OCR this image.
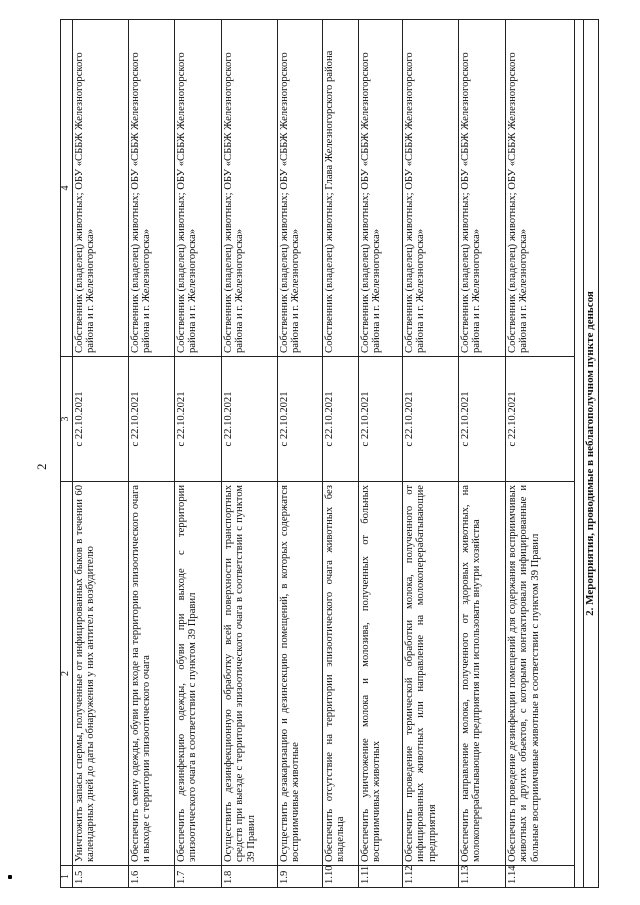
2
1	2	3	4
1.5	Уничтожить запасы спермы, полученные от инфицированных быков в течении 60 календарных дней до даты обнаружения у них антител к возбудителю	с 22.10.2021	Собственник (владелец) животных; ОБУ «СББЖ Железногорского района и г. Железногорска»
1.6	Обеспечить смену одежды, обуви при входе на территорию эпизоотического очага и выходе с территории эпизоотического очага	с 22.10.2021	Собственник (владелец) животных; ОБУ «СББЖ Железногорского района и г. Железногорска»
1.7	Обеспечить дезинфекцию одежды, обуви при выходе с территории эпизоотического очага в соответствии с пунктом 39 Правил	с 22.10.2021	Собственник (владелец) животных; ОБУ «СББЖ Железногорского района и г. Железногорска»
1.8	Осуществить дезинфекционную обработку всей поверхности транспортных средств при выезде с территории эпизоотического очага в соответствии с пунктом 39 Правил	с 22.10.2021	Собственник (владелец) животных; ОБУ «СББЖ Железногорского района и г. Железногорска»
1.9	Осуществить дезакаризацию и дезинсекцию помещений, в которых содержатся восприимчивые животные	с 22.10.2021	Собственник (владелец) животных; ОБУ «СББЖ Железногорского района и г. Железногорска»
1.10	Обеспечить отсутствие на территории эпизоотического очага животных без владельца	с 22.10.2021	Собственник (владелец) животных; Глава Железногорского района
1.11	Обеспечить уничтожение молока и молозива, полученных от больных восприимчивых животных	с 22.10.2021	Собственник (владелец) животных; ОБУ «СББЖ Железногорского района и г. Железногорска»
1.12	Обеспечить проведение термической обработки молока, полученного от инфицированных животных или направление на молокоперерабатывающие предприятия	с 22.10.2021	Собственник (владелец) животных; ОБУ «СББЖ Железногорского района и г. Железногорска»
1.13	Обеспечить направление молока, полученного от здоровых животных, на молокоперерабатывающие предприятия или использовать внутри хозяйства	с 22.10.2021	Собственник (владелец) животных; ОБУ «СББЖ Железногорского района и г. Железногорска»
1.14	Обеспечить проведение дезинфекции помещений для содержания восприимчивых животных и других объектов, с которыми контактировали инфицированные и больные восприимчивые животные в соответствии с пунктом 39 Правил	с 22.10.2021	Собственник (владелец) животных; ОБУ «СББЖ Железногорского района и г. Железногорска»

2. Мероприятия, проводимые в неблагополучном пункте деньсоя			
